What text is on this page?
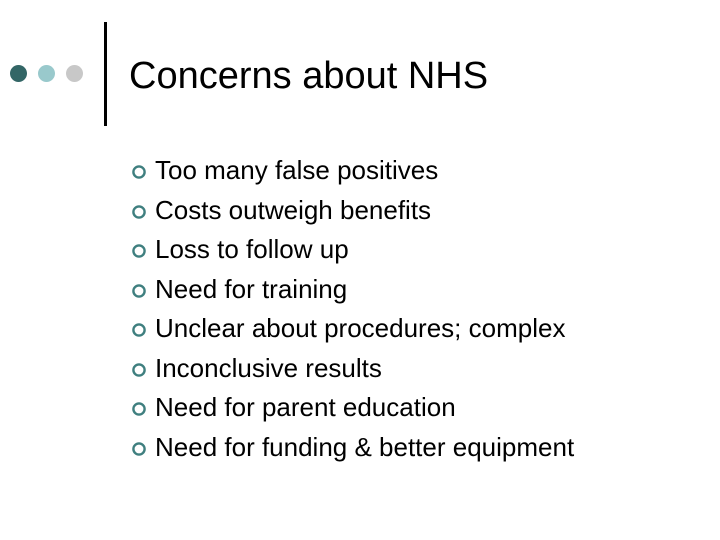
Concerns about NHS
Too many false positives
Costs outweigh benefits
Loss to follow up
Need for training
Unclear about procedures; complex
Inconclusive results
Need for parent education
Need for funding & better equipment
